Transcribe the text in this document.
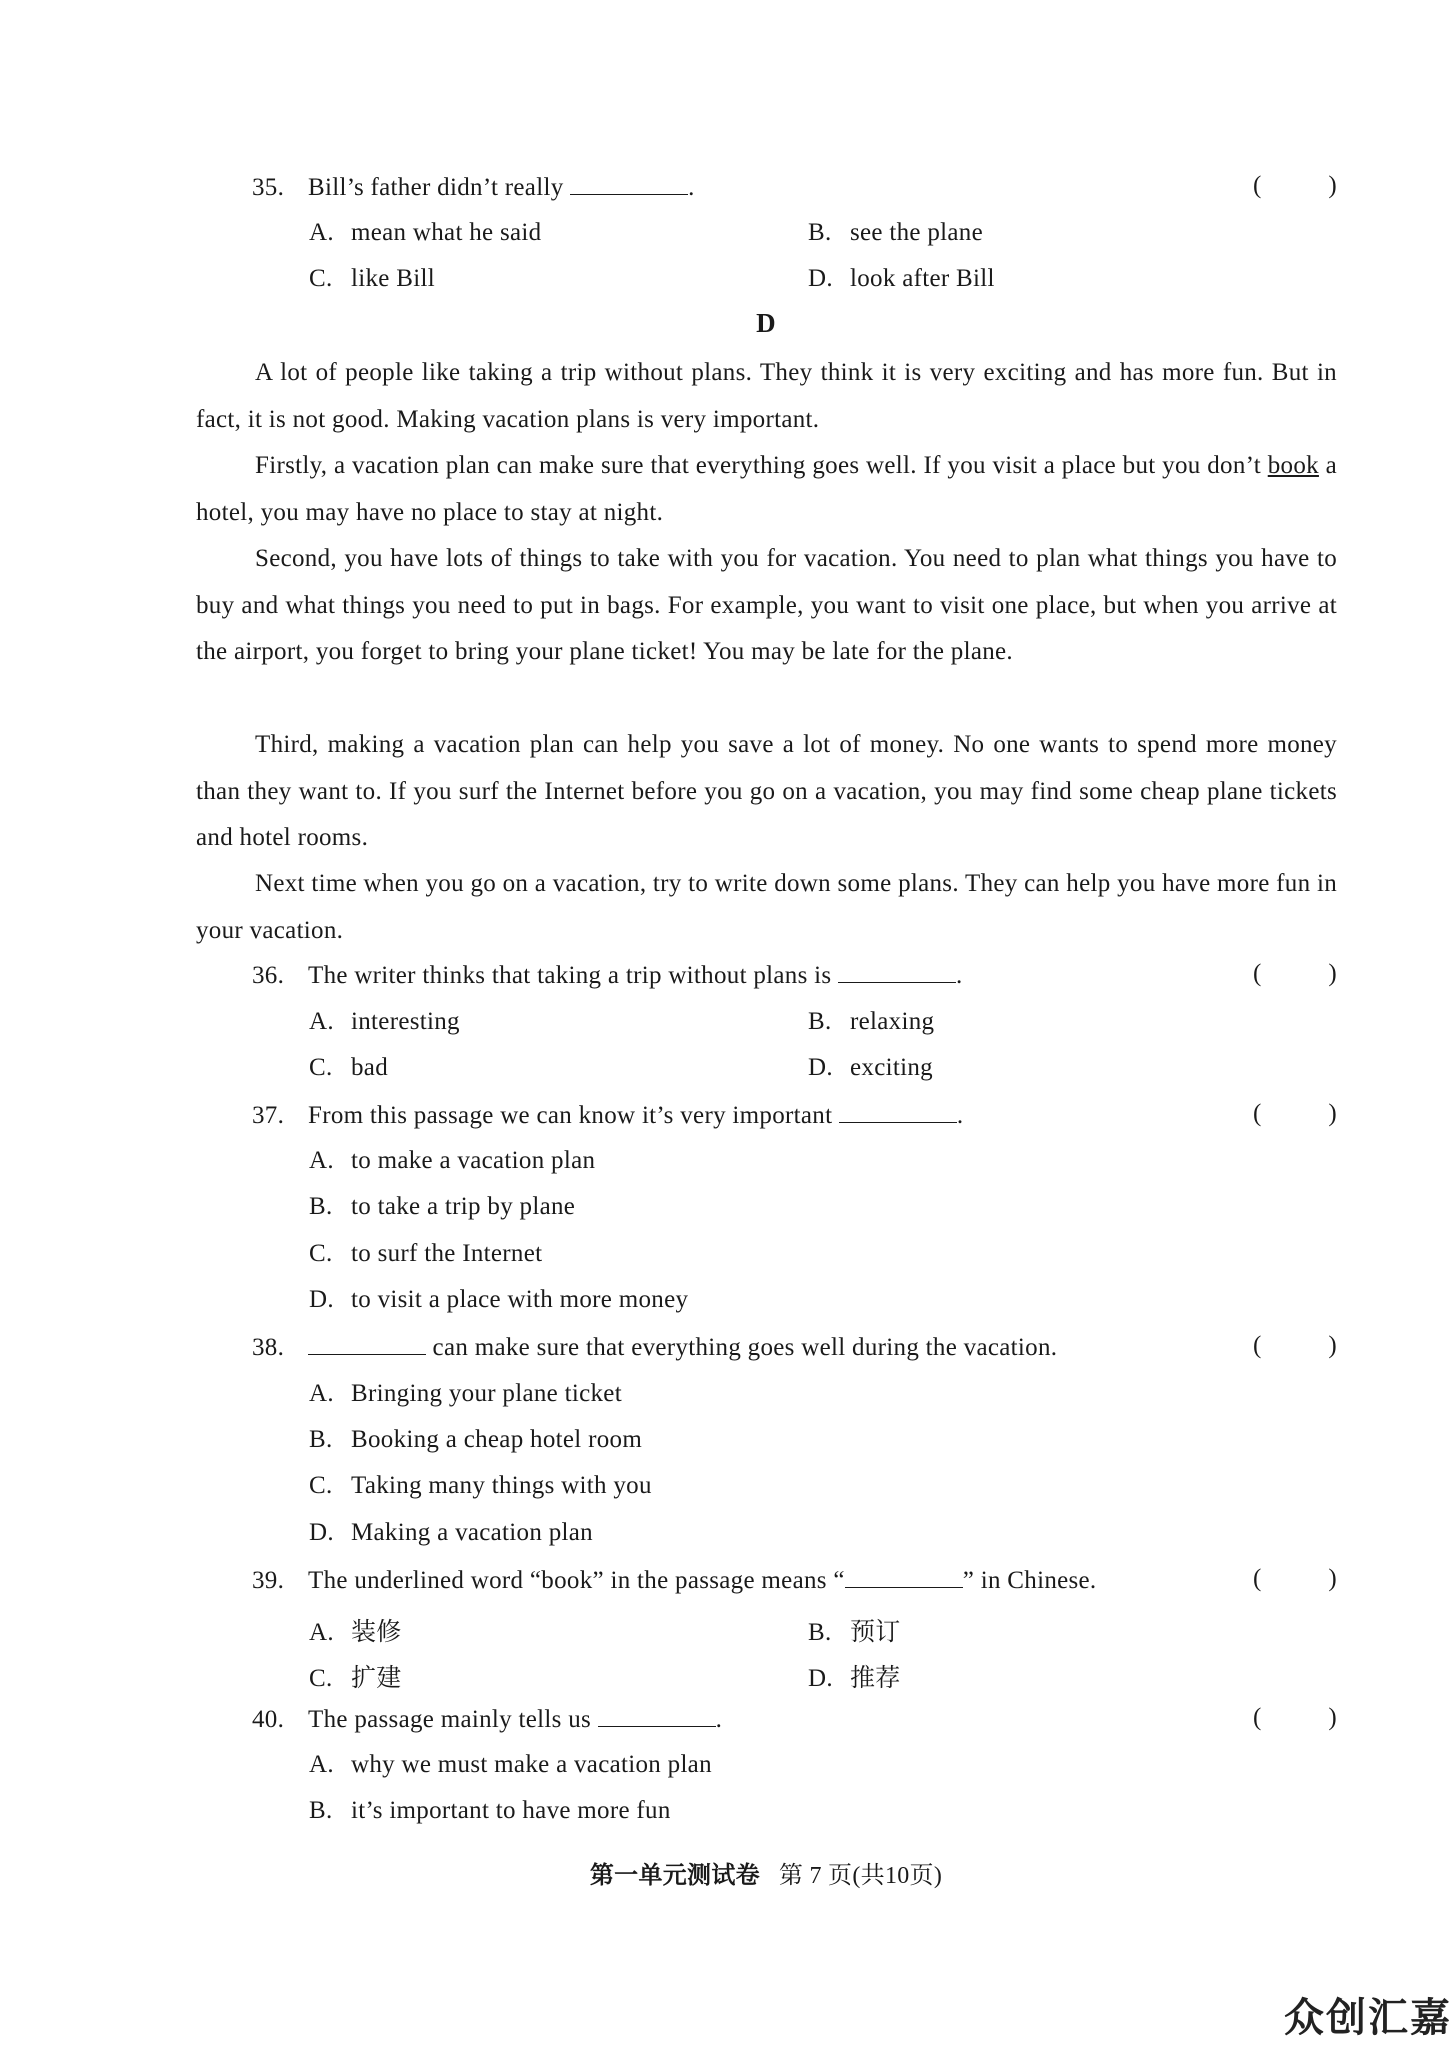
35. Bill’s father didn’t really	.	(	)
A. mean what he said	B. see the plane
C. like Bill	D. look after Bill
D
A lot of people like taking a trip without plans. They think it is very exciting and has more fun. But in fact, it is not good. Making vacation plans is very important.
Firstly, a vacation plan can make sure that everything goes well. If you visit a place but you don’t book a hotel, you may have no place to stay at night.
Second, you have lots of things to take with you for vacation. You need to plan what things you have to buy and what things you need to put in bags. For example, you want to visit one place, but when you arrive at the airport, you forget to bring your plane ticket! You may be late for the plane.
Third, making a vacation plan can help you save a lot of money. No one wants to spend more money than they want to. If you surf the Internet before you go on a vacation, you may find some cheap plane tickets and hotel rooms.
Next time when you go on a vacation, try to write down some plans. They can help you have more fun in your vacation.
36. The writer thinks that taking a trip without plans is	.	(	)
A. interesting	B. relaxing
C. bad	D. exciting
37. From this passage we can know it’s very important	.	(	)
A. to make a vacation plan
B. to take a trip by plane
C. to surf the Internet
D. to visit a place with more money
38.	can make sure that everything goes well during the vacation.	(	)
A. Bringing your plane ticket
B. Booking a cheap hotel room
C. Taking many things with you
D. Making a vacation plan
39. The underlined word “book” in the passage means “	” in Chinese.	(	)
A. 装修	B. 预订
C. 扩建	D. 推荐
40. The passage mainly tells us	.	(	)
A. why we must make a vacation plan
B. it’s important to have more fun
第一单元测试卷 第 7 页(共10页)
众创汇嘉
